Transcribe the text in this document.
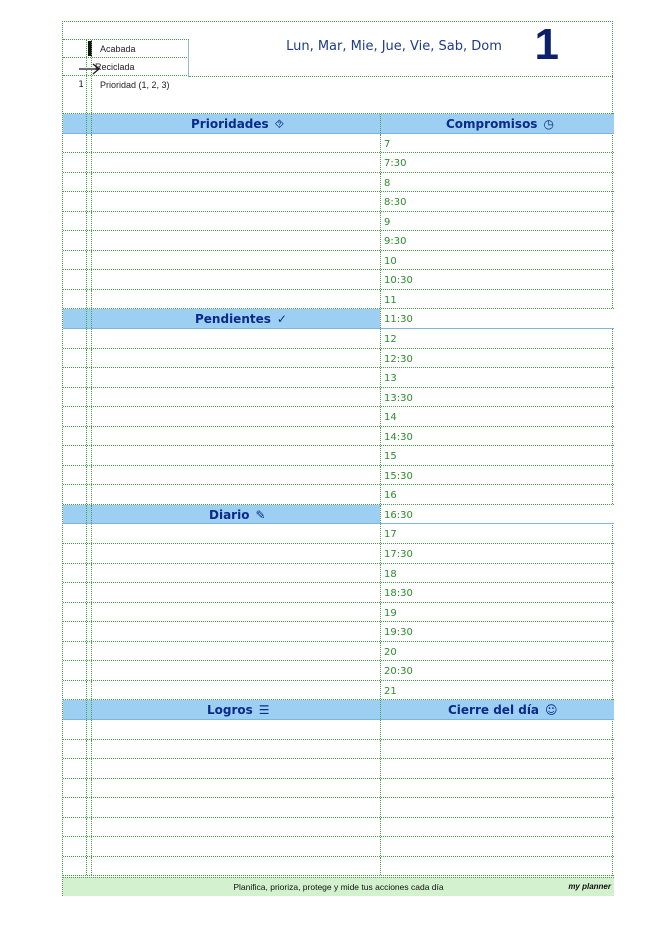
Acabada
Reciclada
1	Prioridad (1, 2, 3)
Lun, Mar, Mie, Jue, Vie, Sab, Dom 1
Prioridades ⯑	Compromisos ◷
7
7:30
8
8:30
9
9:30
10
10:30
11
Pendientes ✓	11:30
12
12:30
13
13:30
14
14:30
15
15:30
16
Diario ✎	16:30
17
17:30
18
18:30
19
19:30
20
20:30
21
Logros ☰	Cierre del día ☺
Planifica, prioriza, protege y mide tus acciones cada día	my planner
